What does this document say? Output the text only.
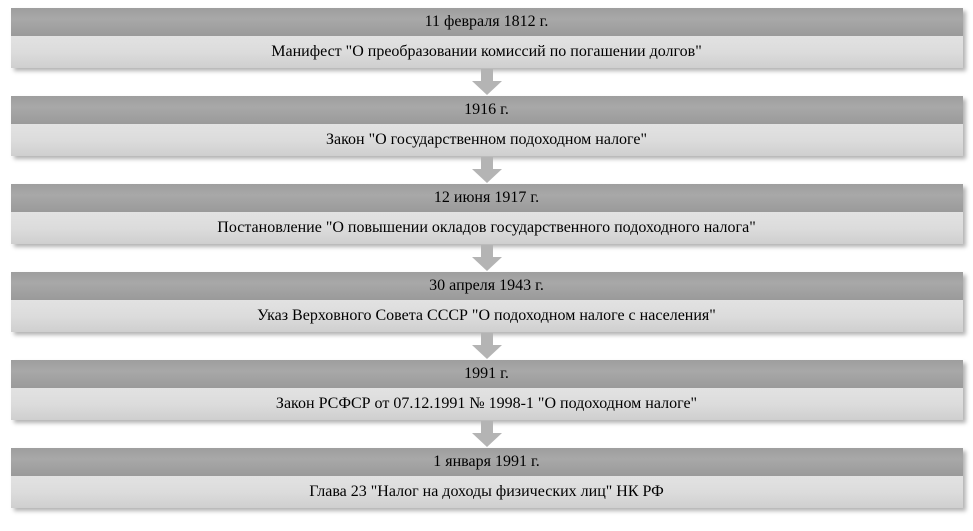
11 февраля 1812 г.
Манифест "О преобразовании комиссий по погашении долгов"
1916 г.
Закон "О государственном подоходном налоге"
12 июня 1917 г.
Постановление "О повышении окладов государственного подоходного налога"
30 апреля 1943 г.
Указ Верховного Совета СССР "О подоходном налоге с населения"
1991 г.
Закон РСФСР от 07.12.1991 № 1998-1 "О подоходном налоге"
1 января 1991 г.
Глава 23 "Налог на доходы физических лиц" НК РФ
